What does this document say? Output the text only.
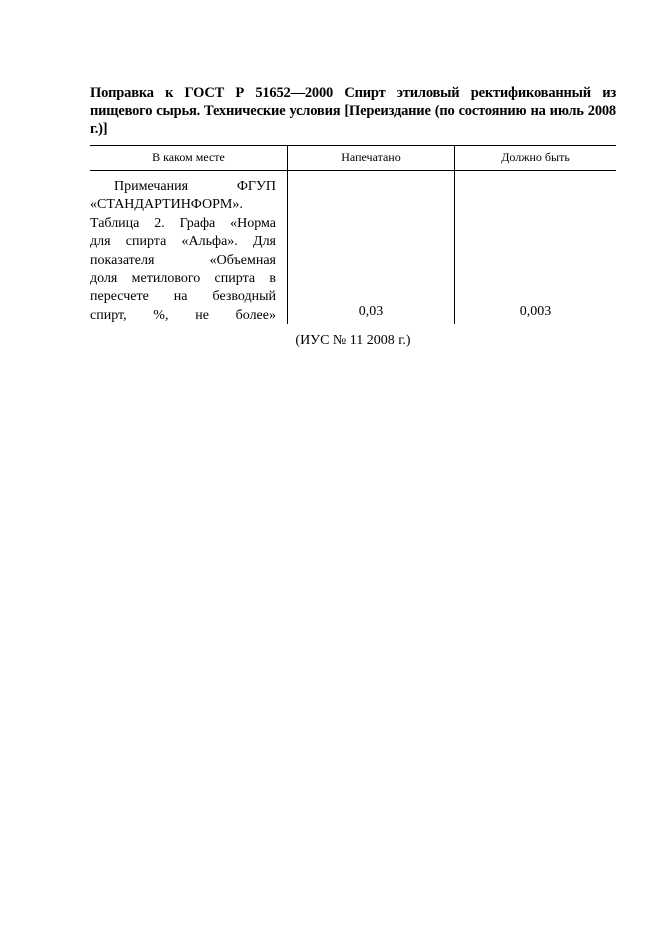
Поправка к ГОСТ Р 51652—2000 Спирт этиловый ректификованный из пищевого сырья. Технические условия [Переиздание (по состоянию на июль 2008 г.)]
В каком месте	Напечатано	Должно быть
Примечания ФГУП
«СТАНДАРТИНФОРМ».
Таблица 2. Графа «Норма
для спирта «Альфа». Для
показателя «Объемная
доля метилового спирта в
пересчете на безводный
спирт, %, не более»	0,03	0,003
(ИУС № 11 2008 г.)
